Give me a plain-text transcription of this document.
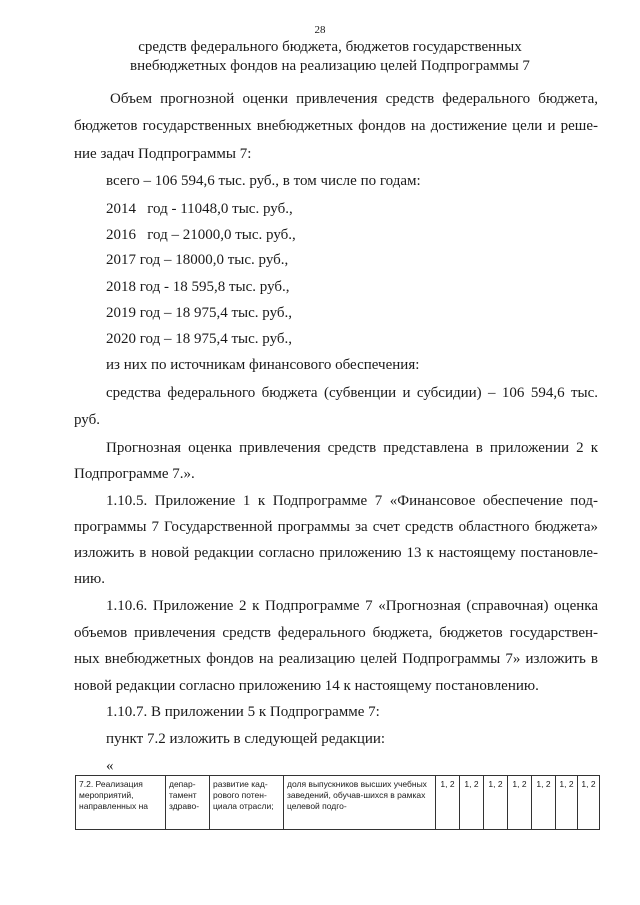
28
средств федерального бюджета, бюджетов государственных
внебюджетных фондов на реализацию целей Подпрограммы 7
Объем прогнозной оценки привлечения средств федерального бюджета,
бюджетов государственных внебюджетных фондов на достижение цели и реше-
ние задач Подпрограммы 7:
всего – 106 594,6 тыс. руб., в том числе по годам:
2014   год - 11048,0 тыс. руб.,
2016   год – 21000,0 тыс. руб.,
2017 год – 18000,0 тыс. руб.,
2018 год - 18 595,8 тыс. руб.,
2019 год – 18 975,4 тыс. руб.,
2020 год – 18 975,4 тыс. руб.,
из них по источникам финансового обеспечения:
средства федерального бюджета (субвенции и субсидии) – 106 594,6 тыс.
руб.
Прогнозная оценка привлечения средств представлена в приложении 2 к
Подпрограмме 7.».
1.10.5. Приложение 1 к Подпрограмме 7 «Финансовое обеспечение под-
программы 7 Государственной программы за счет средств областного бюджета»
изложить в новой редакции согласно приложению 13 к настоящему постановле-
нию.
1.10.6. Приложение 2 к Подпрограмме 7 «Прогнозная (справочная) оценка
объемов привлечения средств федерального бюджета, бюджетов государствен-
ных внебюджетных фондов на реализацию целей Подпрограммы 7» изложить в
новой редакции согласно приложению 14 к настоящему постановлению.
1.10.7. В приложении 5 к Подпрограмме 7:
пункт 7.2 изложить в следующей редакции:
«
7.2. Реализация мероприятий, направленных на	депар-тамент здраво-	развитие кад-рового потен-циала отрасли;	доля выпускников высших учебных заведений, обучав-шихся в рамках целевой подго-	1, 2	1, 2	1, 2	1, 2	1, 2	1, 2	1, 2
